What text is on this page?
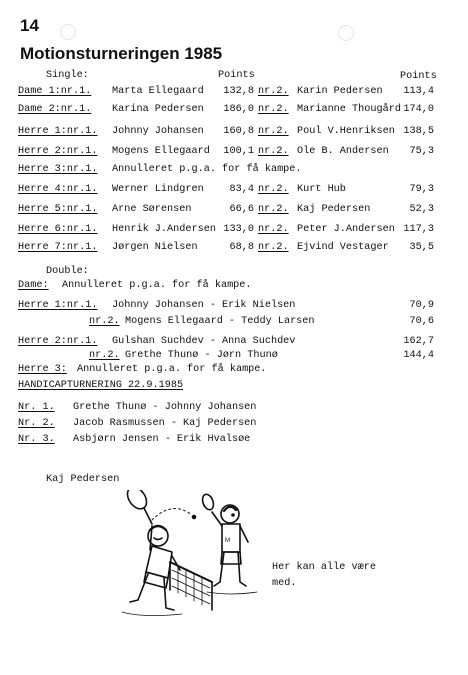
14
Motionsturneringen 1985
Single:	Points	Points
Dame 1:nr.1. Marta Ellegaard	132,8 nr.2. Karin Pedersen	113,4
Dame 2:nr.1. Karina Pedersen	186,0 nr.2. Marianne Thougård 174,0
Herre 1:nr.1. Johnny Johansen	160,8 nr.2. Poul V.Henriksen 138,5
Herre 2:nr.1. Mogens Ellegaard	100,1 nr.2. Ole B. Andersen	75,3
Herre 3:nr.1. Annulleret p.g.a. for få kampe.
Herre 4:nr.1. Werner Lindgren	83,4 nr.2. Kurt Hub	79,3
Herre 5:nr.1. Arne Sørensen	66,6 nr.2. Kaj Pedersen	52,3
Herre 6:nr.1. Henrik J.Andersen 133,0 nr.2. Peter J.Andersen 117,3
Herre 7:nr.1. Jørgen Nielsen	68,8 nr.2. Ejvind Vestager	35,5
Double:
Dame: Annulleret p.g.a. for få kampe.
Herre 1:nr.1. Johnny Johansen - Erik Nielsen	70,9
nr.2. Mogens Ellegaard - Teddy Larsen	70,6
Herre 2:nr.1. Gulshan Suchdev - Anna Suchdev	162,7
nr.2. Grethe Thunø - Jørn Thunø	144,4
Herre 3: Annulleret p.g.a. for få kampe.
HANDICAPTURNERING 22.9.1985
Nr. 1. Grethe Thunø - Johnny Johansen
Nr. 2. Jacob Rasmussen - Kaj Pedersen
Nr. 3. Asbjørn Jensen - Erik Hvalsøe
Kaj Pedersen
M
Her kan alle være
med.
